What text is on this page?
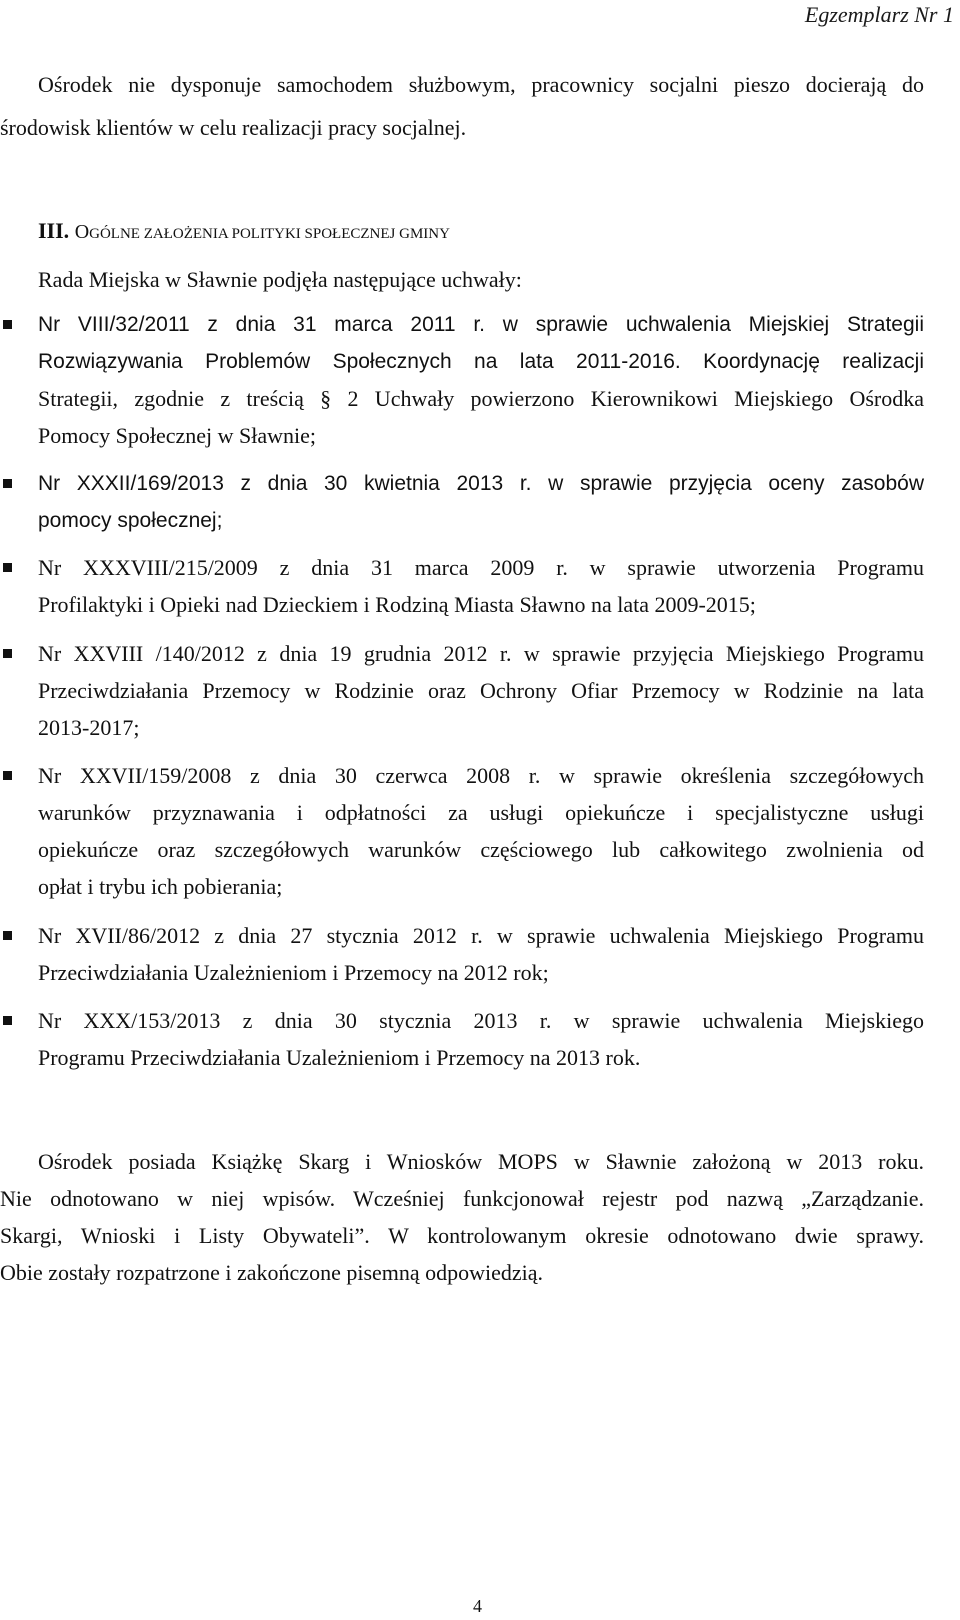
Egzemplarz Nr 1
Ośrodek nie dysponuje samochodem służbowym, pracownicy socjalni pieszo docierają do
środowisk klientów w celu realizacji pracy socjalnej.
III. OGÓLNE ZAŁOŻENIA POLITYKI SPOŁECZNEJ GMINY
Rada Miejska w Sławnie podjęła następujące uchwały:
Nr VIII/32/2011 z dnia 31 marca 2011 r. w sprawie uchwalenia Miejskiej Strategii
Rozwiązywania Problemów Społecznych na lata 2011-2016. Koordynację realizacji
Strategii, zgodnie z treścią § 2 Uchwały powierzono Kierownikowi Miejskiego Ośrodka
Pomocy Społecznej w Sławnie;
Nr XXXII/169/2013 z dnia 30 kwietnia 2013 r. w sprawie przyjęcia oceny zasobów
pomocy społecznej;
Nr XXXVIII/215/2009 z dnia 31 marca 2009 r. w sprawie utworzenia Programu
Profilaktyki i Opieki nad Dzieckiem i Rodziną Miasta Sławno na lata 2009-2015;
Nr XXVIII /140/2012 z dnia 19 grudnia 2012 r. w sprawie przyjęcia Miejskiego Programu
Przeciwdziałania Przemocy w Rodzinie oraz Ochrony Ofiar Przemocy w Rodzinie na lata
2013-2017;
Nr XXVII/159/2008 z dnia 30 czerwca 2008 r. w sprawie określenia szczegółowych
warunków przyznawania i odpłatności za usługi opiekuńcze i specjalistyczne usługi
opiekuńcze oraz szczegółowych warunków częściowego lub całkowitego zwolnienia od
opłat i trybu ich pobierania;
Nr XVII/86/2012 z dnia 27 stycznia 2012 r. w sprawie uchwalenia Miejskiego Programu
Przeciwdziałania Uzależnieniom i Przemocy na 2012 rok;
Nr XXX/153/2013 z dnia 30 stycznia 2013 r. w sprawie uchwalenia Miejskiego
Programu Przeciwdziałania Uzależnieniom i Przemocy na 2013 rok.
Ośrodek posiada Książkę Skarg i Wniosków MOPS w Sławnie założoną w 2013 roku.
Nie odnotowano w niej wpisów. Wcześniej funkcjonował rejestr pod nazwą „Zarządzanie.
Skargi, Wnioski i Listy Obywateli”. W kontrolowanym okresie odnotowano dwie sprawy.
Obie zostały rozpatrzone i zakończone pisemną odpowiedzią.
4
